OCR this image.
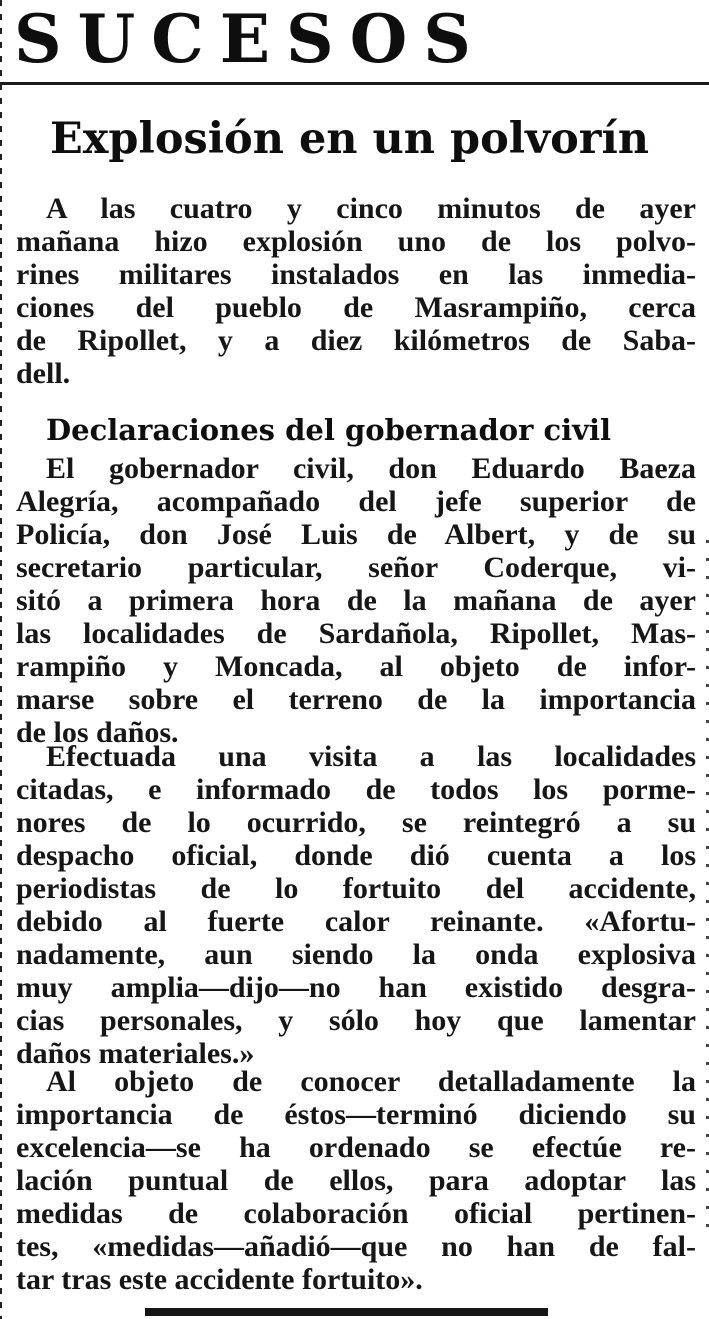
SUCESOS
Explosión en un polvorín

A las cuatro y cinco minutos de ayer
mañana hizo explosión uno de los polvo-
rines militares instalados en las inmedia-
ciones del pueblo de Masrampiño, cerca
de Ripollet, y a diez kilómetros de Saba-
dell.

Declaraciones del gobernador civil

El gobernador civil, don Eduardo Baeza
Alegría, acompañado del jefe superior de
Policía, don José Luis de Albert, y de su
secretario particular, señor Coderque, vi-
sitó a primera hora de la mañana de ayer
las localidades de Sardañola, Ripollet, Mas-
rampiño y Moncada, al objeto de infor-
marse sobre el terreno de la importancia
de los daños.

Efectuada una visita a las localidades
citadas, e informado de todos los porme-
nores de lo ocurrido, se reintegró a su
despacho oficial, donde dió cuenta a los
periodistas de lo fortuito del accidente,
debido al fuerte calor reinante. «Afortu-
nadamente, aun siendo la onda explosiva
muy amplia—dijo—no han existido desgra-
cias personales, y sólo hoy que lamentar
daños materiales.»

Al objeto de conocer detalladamente la
importancia de éstos—terminó diciendo su
excelencia—se ha ordenado se efectúe re-
lación puntual de ellos, para adoptar las
medidas de colaboración oficial pertinen-
tes, «medidas—añadió—que no han de fal-
tar tras este accidente fortuito».
